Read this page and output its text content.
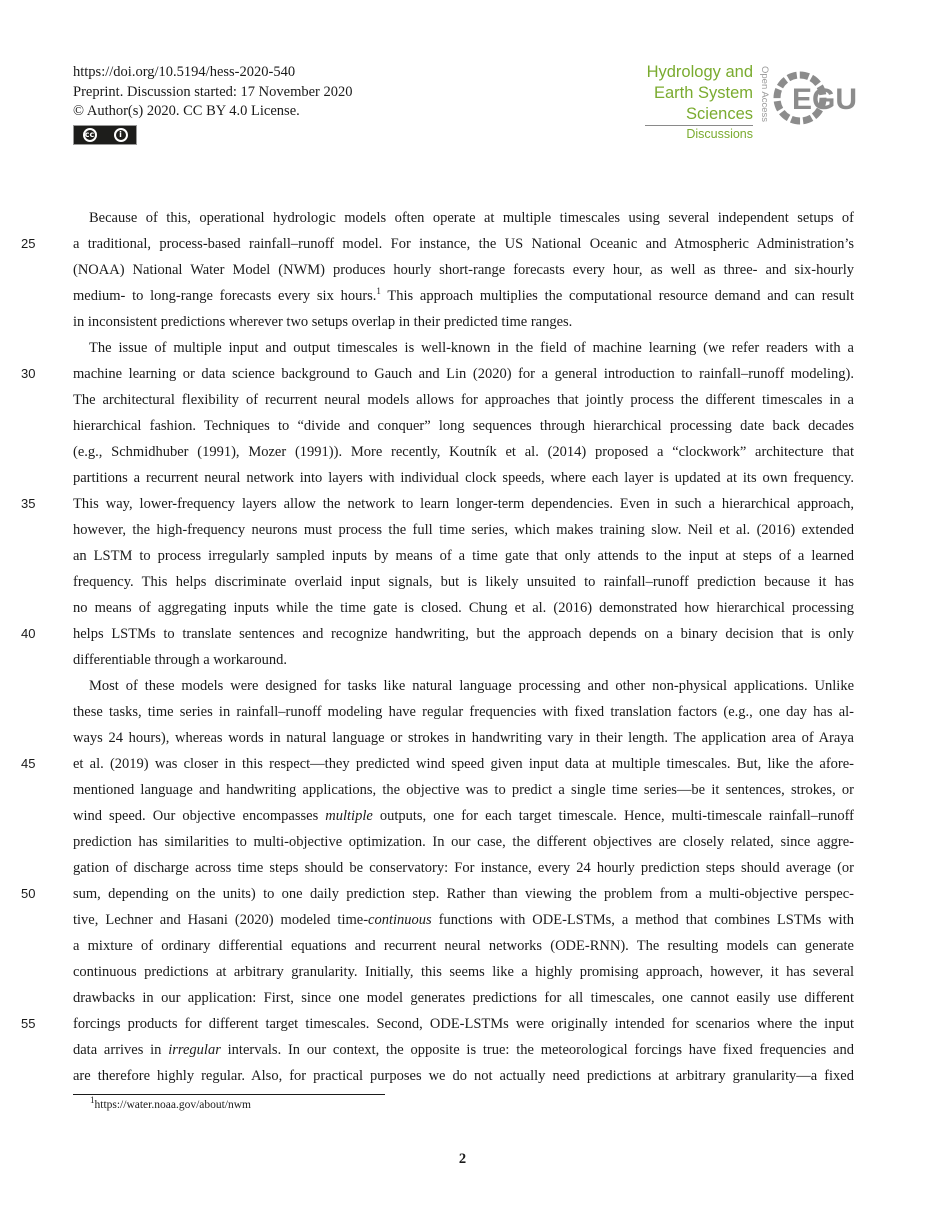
https://doi.org/10.5194/hess-2020-540
Preprint. Discussion started: 17 November 2020
© Author(s) 2020. CC BY 4.0 License.
cc	i
Hydrology and
Earth System
Sciences
Discussions
Open Access EGU

Because of this, operational hydrologic models often operate at multiple timescales using several independent setups of

25	a traditional, process-based rainfall–runoff model. For instance, the US National Oceanic and Atmospheric Administration’s

(NOAA) National Water Model (NWM) produces hourly short-range forecasts every hour, as well as three- and six-hourly

medium- to long-range forecasts every six hours.$^1$ This approach multiplies the computational resource demand and can result

in inconsistent predictions wherever two setups overlap in their predicted time ranges.

The issue of multiple input and output timescales is well-known in the field of machine learning (we refer readers with a

30	machine learning or data science background to Gauch and Lin (2020) for a general introduction to rainfall–runoff modeling).

The architectural flexibility of recurrent neural models allows for approaches that jointly process the different timescales in a

hierarchical fashion. Techniques to “divide and conquer” long sequences through hierarchical processing date back decades

(e.g., Schmidhuber (1991), Mozer (1991)). More recently, Koutník et al. (2014) proposed a “clockwork” architecture that

partitions a recurrent neural network into layers with individual clock speeds, where each layer is updated at its own frequency.

35	This way, lower-frequency layers allow the network to learn longer-term dependencies. Even in such a hierarchical approach,

however, the high-frequency neurons must process the full time series, which makes training slow. Neil et al. (2016) extended

an LSTM to process irregularly sampled inputs by means of a time gate that only attends to the input at steps of a learned

frequency. This helps discriminate overlaid input signals, but is likely unsuited to rainfall–runoff prediction because it has

no means of aggregating inputs while the time gate is closed. Chung et al. (2016) demonstrated how hierarchical processing

40	helps LSTMs to translate sentences and recognize handwriting, but the approach depends on a binary decision that is only

differentiable through a workaround.

Most of these models were designed for tasks like natural language processing and other non-physical applications. Unlike

these tasks, time series in rainfall–runoff modeling have regular frequencies with fixed translation factors (e.g., one day has al-

ways 24 hours), whereas words in natural language or strokes in handwriting vary in their length. The application area of Araya

45	et al. (2019) was closer in this respect—they predicted wind speed given input data at multiple timescales. But, like the afore-

mentioned language and handwriting applications, the objective was to predict a single time series—be it sentences, strokes, or

wind speed. Our objective encompasses multiple outputs, one for each target timescale. Hence, multi-timescale rainfall–runoff

prediction has similarities to multi-objective optimization. In our case, the different objectives are closely related, since aggre-

gation of discharge across time steps should be conservatory: For instance, every 24 hourly prediction steps should average (or

50	sum, depending on the units) to one daily prediction step. Rather than viewing the problem from a multi-objective perspec-

tive, Lechner and Hasani (2020) modeled time-continuous functions with ODE-LSTMs, a method that combines LSTMs with

a mixture of ordinary differential equations and recurrent neural networks (ODE-RNN). The resulting models can generate

continuous predictions at arbitrary granularity. Initially, this seems like a highly promising approach, however, it has several

drawbacks in our application: First, since one model generates predictions for all timescales, one cannot easily use different

55	forcings products for different target timescales. Second, ODE-LSTMs were originally intended for scenarios where the input

data arrives in irregular intervals. In our context, the opposite is true: the meteorological forcings have fixed frequencies and

are therefore highly regular. Also, for practical purposes we do not actually need predictions at arbitrary granularity—a fixed

$^1$https://water.noaa.gov/about/nwm
2
